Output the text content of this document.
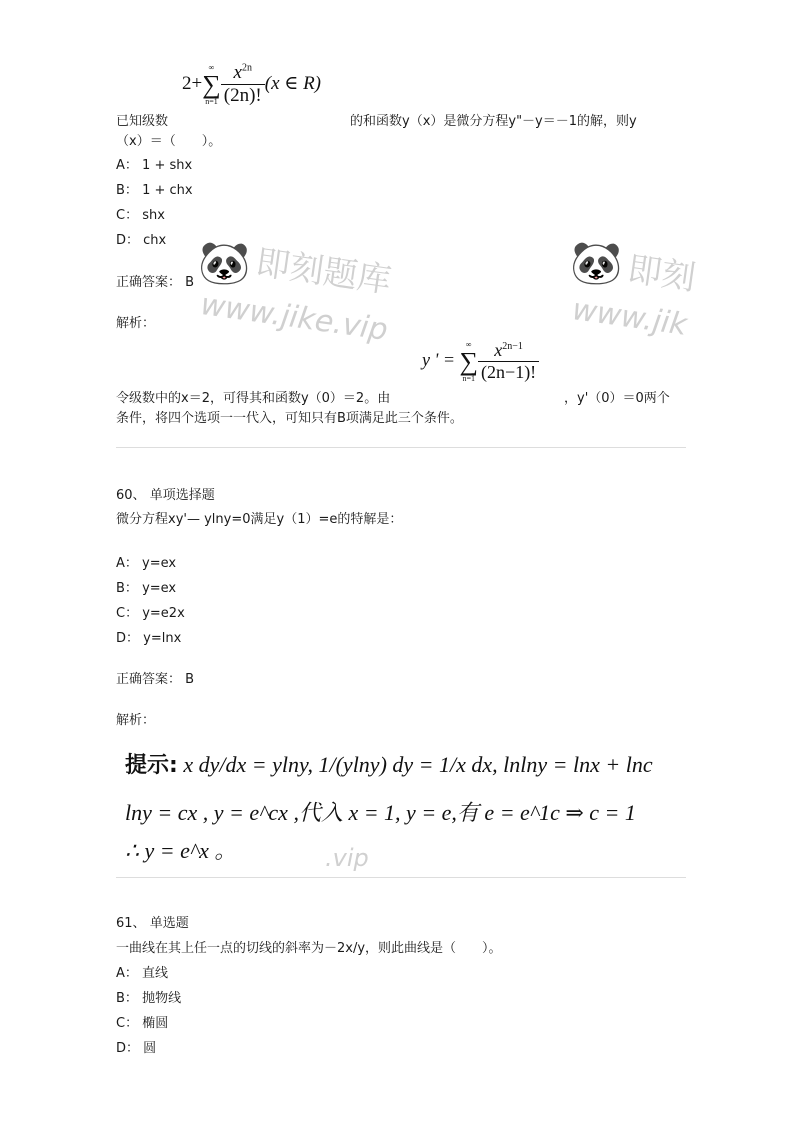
🐼 即刻题库
www.jike.vip
🐼 即刻
www.jik
2+
∞
∑
$n=1 \frac{x^{2n}}{(2n)!} (x$ ∈ R)
已知级数	的和函数y（x）是微分方程y"－y＝－1的解，则y
（x）＝（　　）。
A： 1 + shx
B： 1 + chx
C： shx
D： chx
正确答案： B
解析：
y ' =
∞
∑
$n=1 \frac{x^{2n-1}}{(2n-1)!}$
令级数中的x＝2，可得其和函数y（0）＝2。由	，y'（0）＝0两个
条件，将四个选项一一代入，可知只有B项满足此三个条件。
60、 单项选择题
微分方程xy'— ylny=0满足y（1）=e的特解是：
A： y=ex
B： y=ex
C： y=e2x
D： y=lnx
正确答案： B
解析：
提示: x dy/dx = ylny, 1/(ylny) dy = 1/x dx, lnlny = lnx + lnc
lny = cx , y = e^cx ,代入 x = 1, y = e,有 e = e^1c ⇒ c = 1
∴ y = e^x 。	.vip
61、 单选题
一曲线在其上任一点的切线的斜率为－2x/y，则此曲线是（　　）。
A： 直线
B： 抛物线
C： 椭圆
D： 圆
